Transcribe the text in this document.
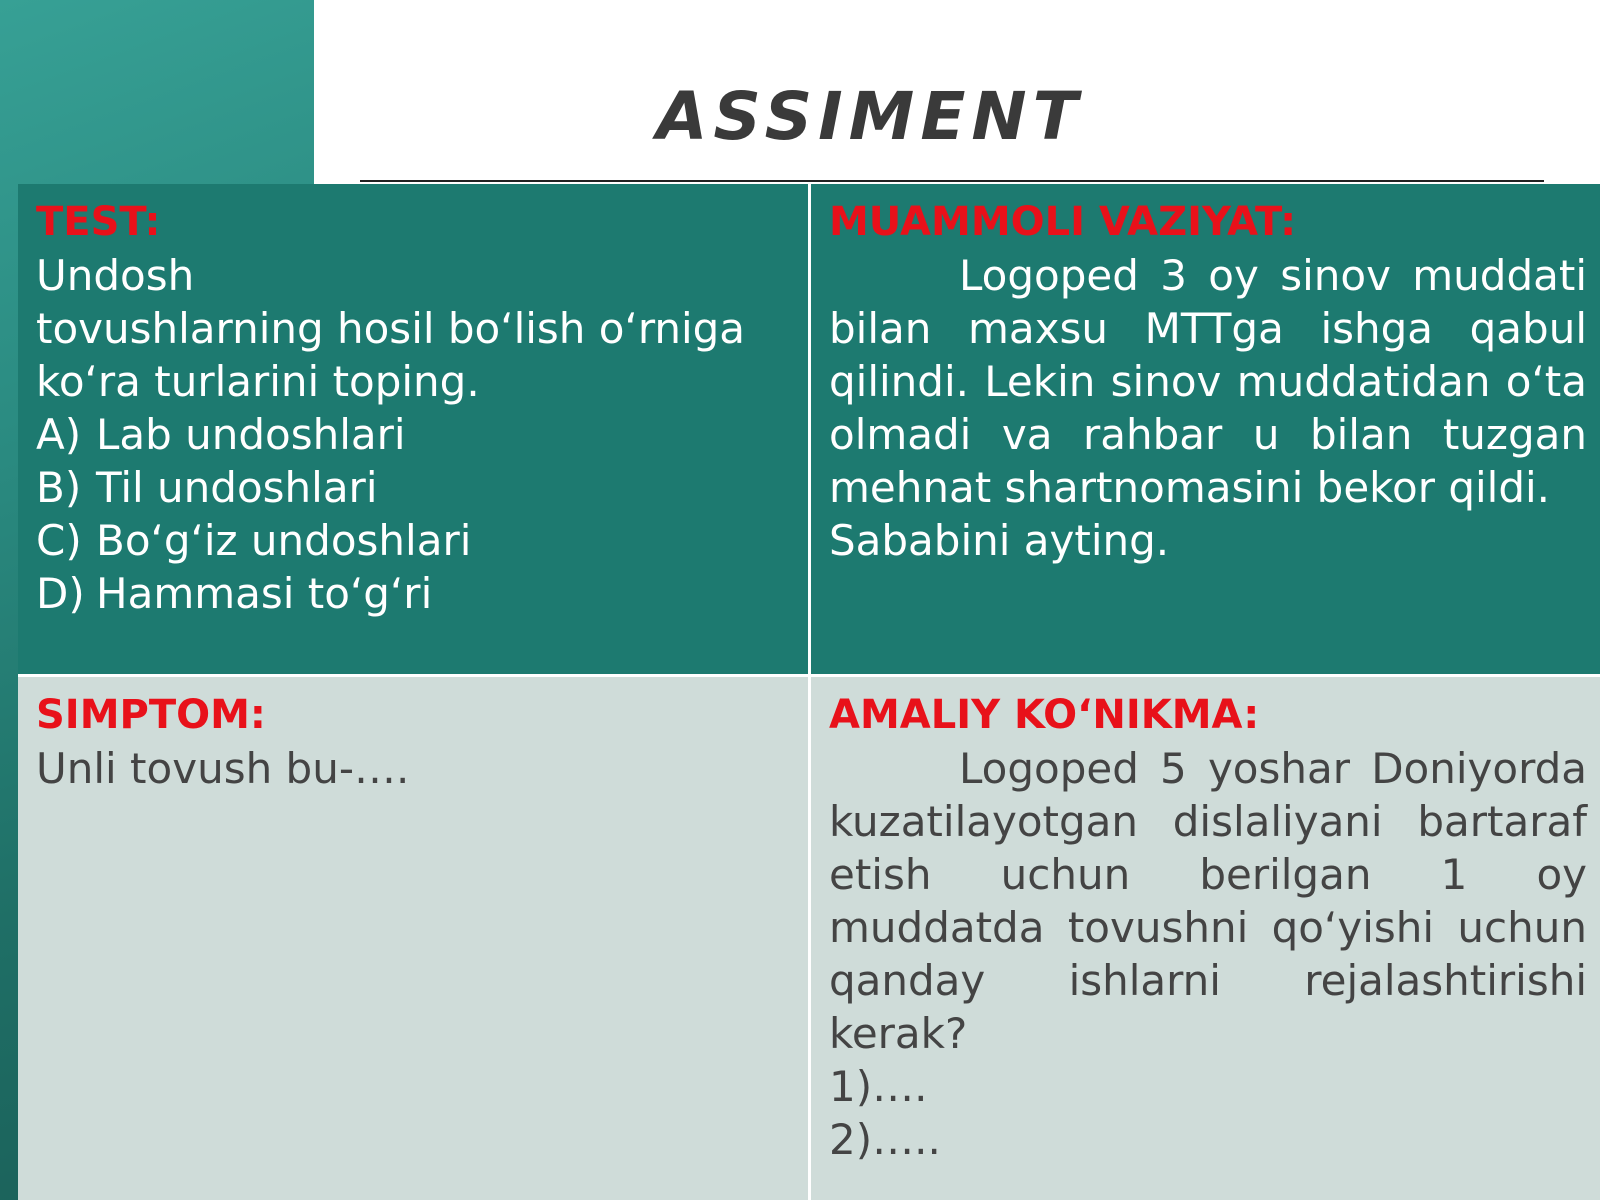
ASSIMENT
TEST:
Undosh
tovushlarning hosil bo‘lish o‘rniga
ko‘ra turlarini toping.
A) Lab undoshlari
B) Til undoshlari
C) Bo‘g‘iz undoshlari
D) Hammasi to‘g‘ri
MUAMMOLI VAZIYAT:
Logoped 3 oy sinov muddati bilan maxsu MTTga ishga qabul qilindi. Lekin sinov muddatidan o‘ta olmadi va rahbar u bilan tuzgan mehnat shartnomasini bekor qildi.
Sababini ayting.
SIMPTOM:
Unli tovush bu-….
AMALIY KO‘NIKMA:
Logoped 5 yoshar Doniyorda kuzatilayotgan dislaliyani bartaraf etish uchun berilgan 1 oy muddatda tovushni qo‘yishi uchun qanday ishlarni rejalashtirishi kerak?
1)….
2)…..
